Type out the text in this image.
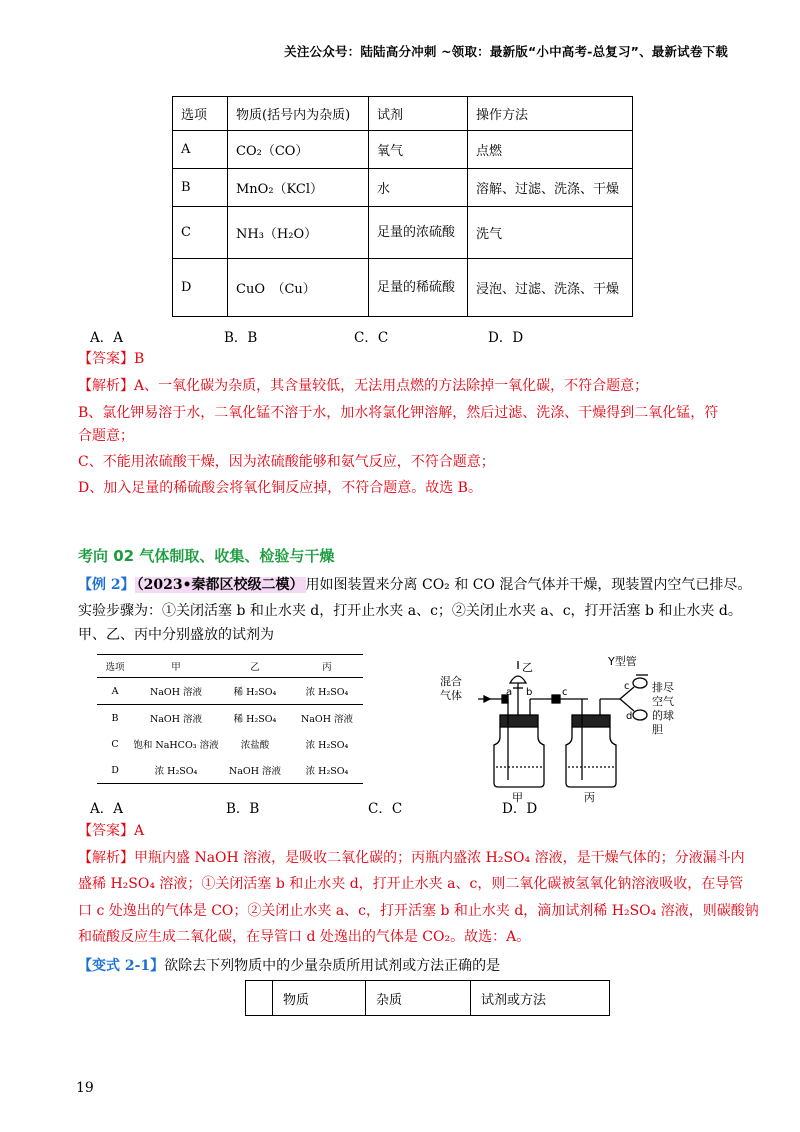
关注公众号：陆陆高分冲刺 ~领取：最新版“小中高考-总复习”、最新试卷下载
选项	物质(括号内为杂质)	试剂	操作方法
A	CO₂（CO）	氧气	点燃
B	MnO₂（KCl）	水	溶解、过滤、洗涤、干燥
C	NH₃（H₂O）	足量的浓硫酸	洗气
D	CuO　（Cu）	足量的稀硫酸	浸泡、过滤、洗涤、干燥
A．A	B．B	C．C	D．D
【答案】B
【解析】A、一氧化碳为杂质，其含量较低，无法用点燃的方法除掉一氧化碳，不符合题意；
B、氯化钾易溶于水，二氧化锰不溶于水，加水将氯化钾溶解，然后过滤、洗涤、干燥得到二氧化锰，符
合题意；
C、不能用浓硫酸干燥，因为浓硫酸能够和氨气反应，不符合题意；
D、加入足量的稀硫酸会将氧化铜反应掉，不符合题意。故选 B。
考向 02 气体制取、收集、检验与干燥
【例 2】 （2023•秦都区校级二模） 用如图装置来分离 CO₂ 和 CO 混合气体并干燥，现装置内空气已排尽。
实验步骤为：①关闭活塞 b 和止水夹 d，打开止水夹 a、c；②关闭止水夹 a、c，打开活塞 b 和止水夹 d。
甲、乙、丙中分别盛放的试剂为
选项	甲	乙	丙
A	NaOH 溶液	稀 H₂SO₄	浓 H₂SO₄
B	NaOH 溶液	稀 H₂SO₄	NaOH 溶液
C	饱和 NaHCO₃ 溶液	浓盐酸	浓 H₂SO₄
D	浓 H₂SO₄	NaOH 溶液	浓 H₂SO₄
混合
气体
乙
a b	c
Y型管
c
d
排尽
空气
的球
胆
甲	丙
A．A	B．B	C．C	D．D
【答案】A
【解析】甲瓶内盛 NaOH 溶液，是吸收二氧化碳的；丙瓶内盛浓 H₂SO₄ 溶液，是干燥气体的；分液漏斗内
盛稀 H₂SO₄ 溶液；①关闭活塞 b 和止水夹 d，打开止水夹 a、c，则二氧化碳被氢氧化钠溶液吸收，在导管
口 c 处逸出的气体是 CO；②关闭止水夹 a、c，打开活塞 b 和止水夹 d，滴加试剂稀 H₂SO₄ 溶液，则碳酸钠
和硫酸反应生成二氧化碳，在导管口 d 处逸出的气体是 CO₂。故选：A。
【变式 2-1】欲除去下列物质中的少量杂质所用试剂或方法正确的是
	物质	杂质	试剂或方法
19
